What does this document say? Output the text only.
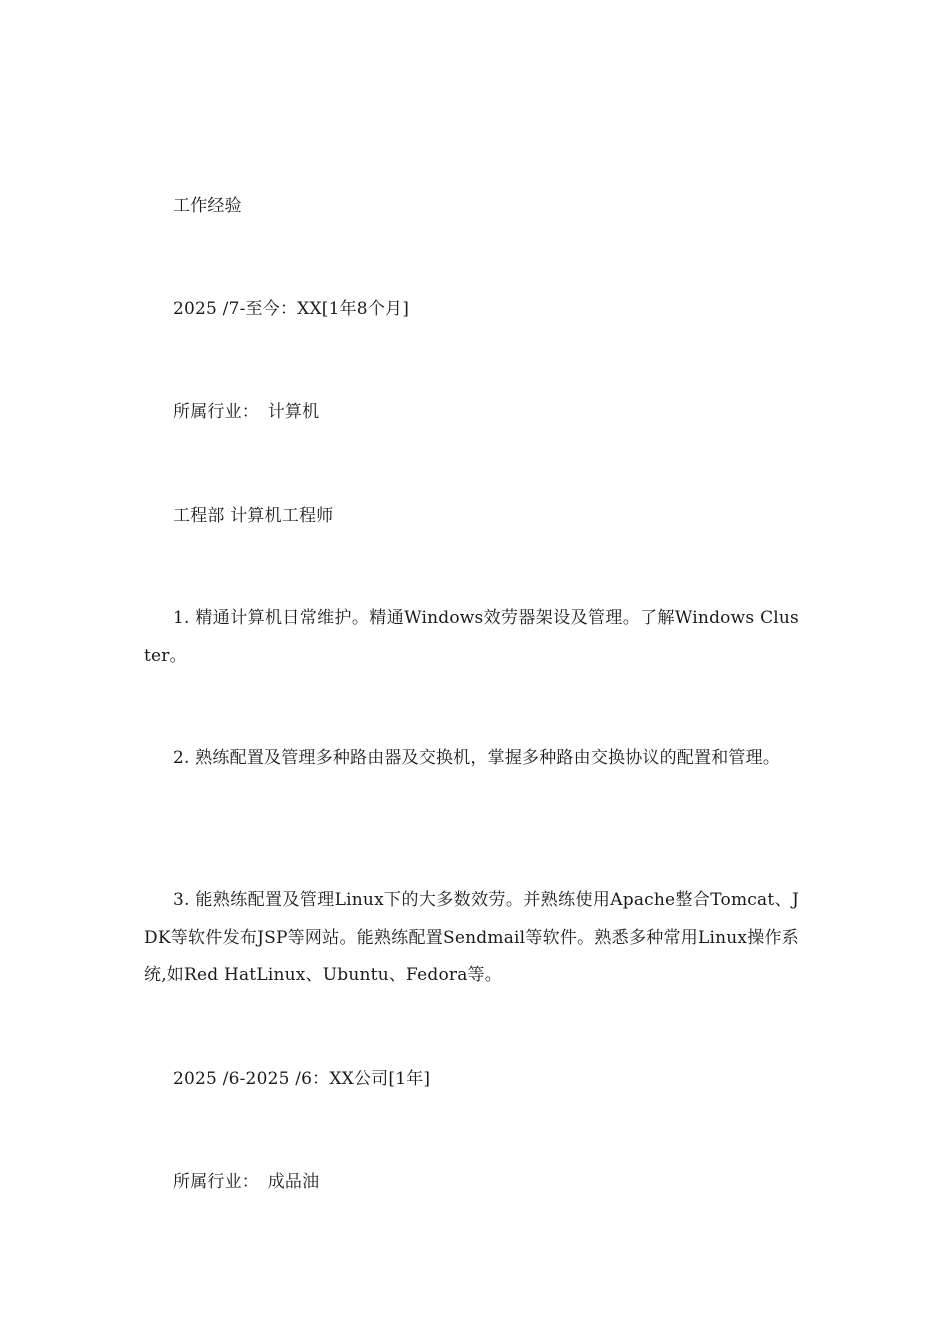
工作经验
2025 /7-至今：XX[1年8个月]
所属行业：　计算机
工程部 计算机工程师
1. 精通计算机日常维护。精通Windows效劳器架设及管理。了解Windows Cluster。
2. 熟练配置及管理多种路由器及交换机，掌握多种路由交换协议的配置和管理。
3. 能熟练配置及管理Linux下的大多数效劳。并熟练使用Apache整合Tomcat、JDK等软件发布JSP等网站。能熟练配置Sendmail等软件。熟悉多种常用Linux操作系统,如Red HatLinux、Ubuntu、Fedora等。
2025 /6-2025 /6：XX公司[1年]
所属行业：　成品油
